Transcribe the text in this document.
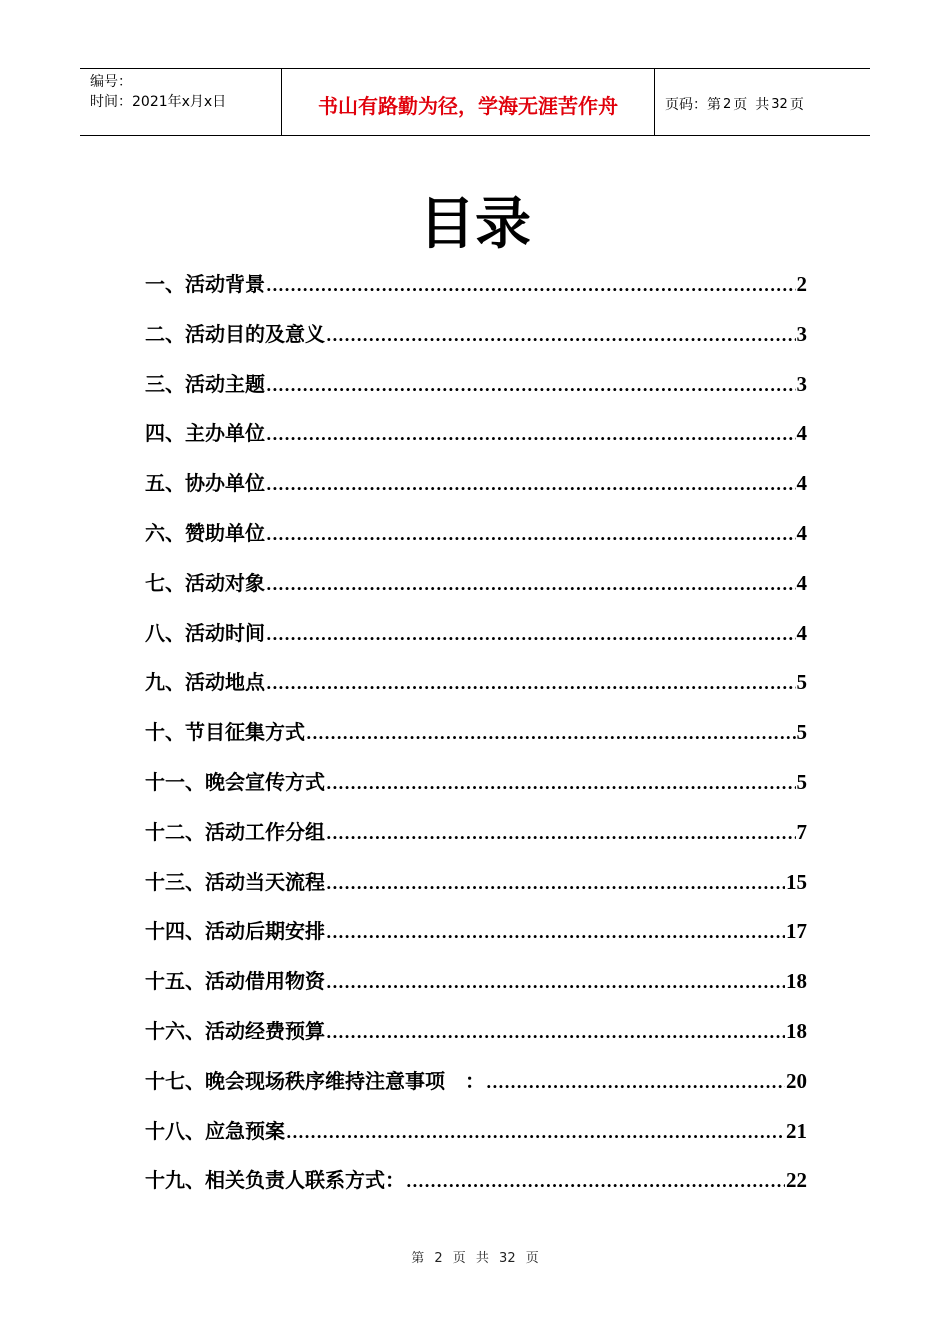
编号：
时间：2021年x月x日	书山有路勤为径，学海无涯苦作舟	页码：第 2 页 共 32 页
目录
一、活动背景 .....	2
二、活动目的及意义 .....	3
三、活动主题 .....	3
四、主办单位 .....	4
五、协办单位 .....	4
六、赞助单位 .....	4
七、活动对象 .....	4
八、活动时间 .....	4
九、活动地点 .....	5
十、节目征集方式 .....	5
十一、晚会宣传方式 .....	5
十二、活动工作分组 .....	7
十三、活动当天流程 .....	15
十四、活动后期安排 .....	17
十五、活动借用物资 .....	18
十六、活动经费预算 .....	18
十七、晚会现场秩序维持注意事项　： .....	20
十八、应急预案 .....	21
十九、相关负责人联系方式： .....	22
第 2 页 共 32 页
